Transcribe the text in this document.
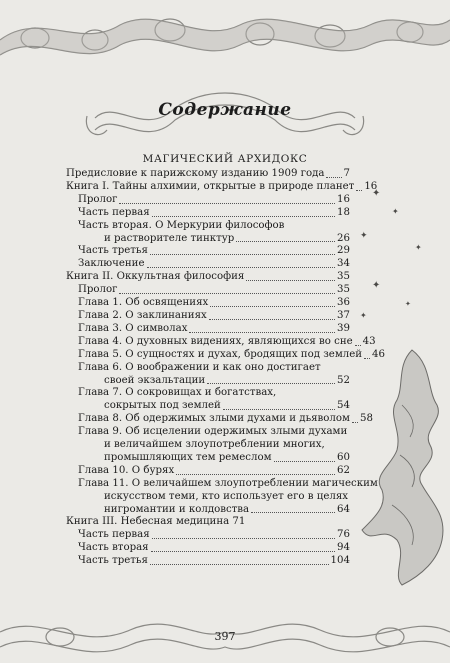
✦
✦
✦
✦
✦
✦
✦
Содержание
МАГИЧЕСКИЙ АРХИДОКС
Предисловие к парижскому изданию 1909 года 7
Книга I. Тайны алхимии, открытые в природе планет 16
Пролог	16
Часть первая	18
Часть вторая. О Меркурии философов
и растворителе тинктур	26
Часть третья	29
Заключение	34
Книга II. Оккультная философия	35
Пролог	35
Глава 1. Об освящениях	36
Глава 2. О заклинаниях	37
Глава 3. О символах	39
Глава 4. О духовных видениях, являющихся во сне 43
Глава 5. О сущностях и духах, бродящих под землей 46
Глава 6. О воображении и как оно достигает
своей экзальтации	52
Глава 7. О сокровищах и богатствах,
сокрытых под землей	54
Глава 8. Об одержимых злыми духами и дьяволом 58
Глава 9. Об исцелении одержимых злыми духами
и величайшем злоупотреблении многих,
промышляющих тем ремеслом	60
Глава 10. О бурях	62
Глава 11. О величайшем злоупотреблении магическим
искусством теми, кто использует его в целях
нигромантии и колдовства	64
Книга III. Небесная медицина 71
Часть первая	76
Часть вторая	94
Часть третья	104
397
